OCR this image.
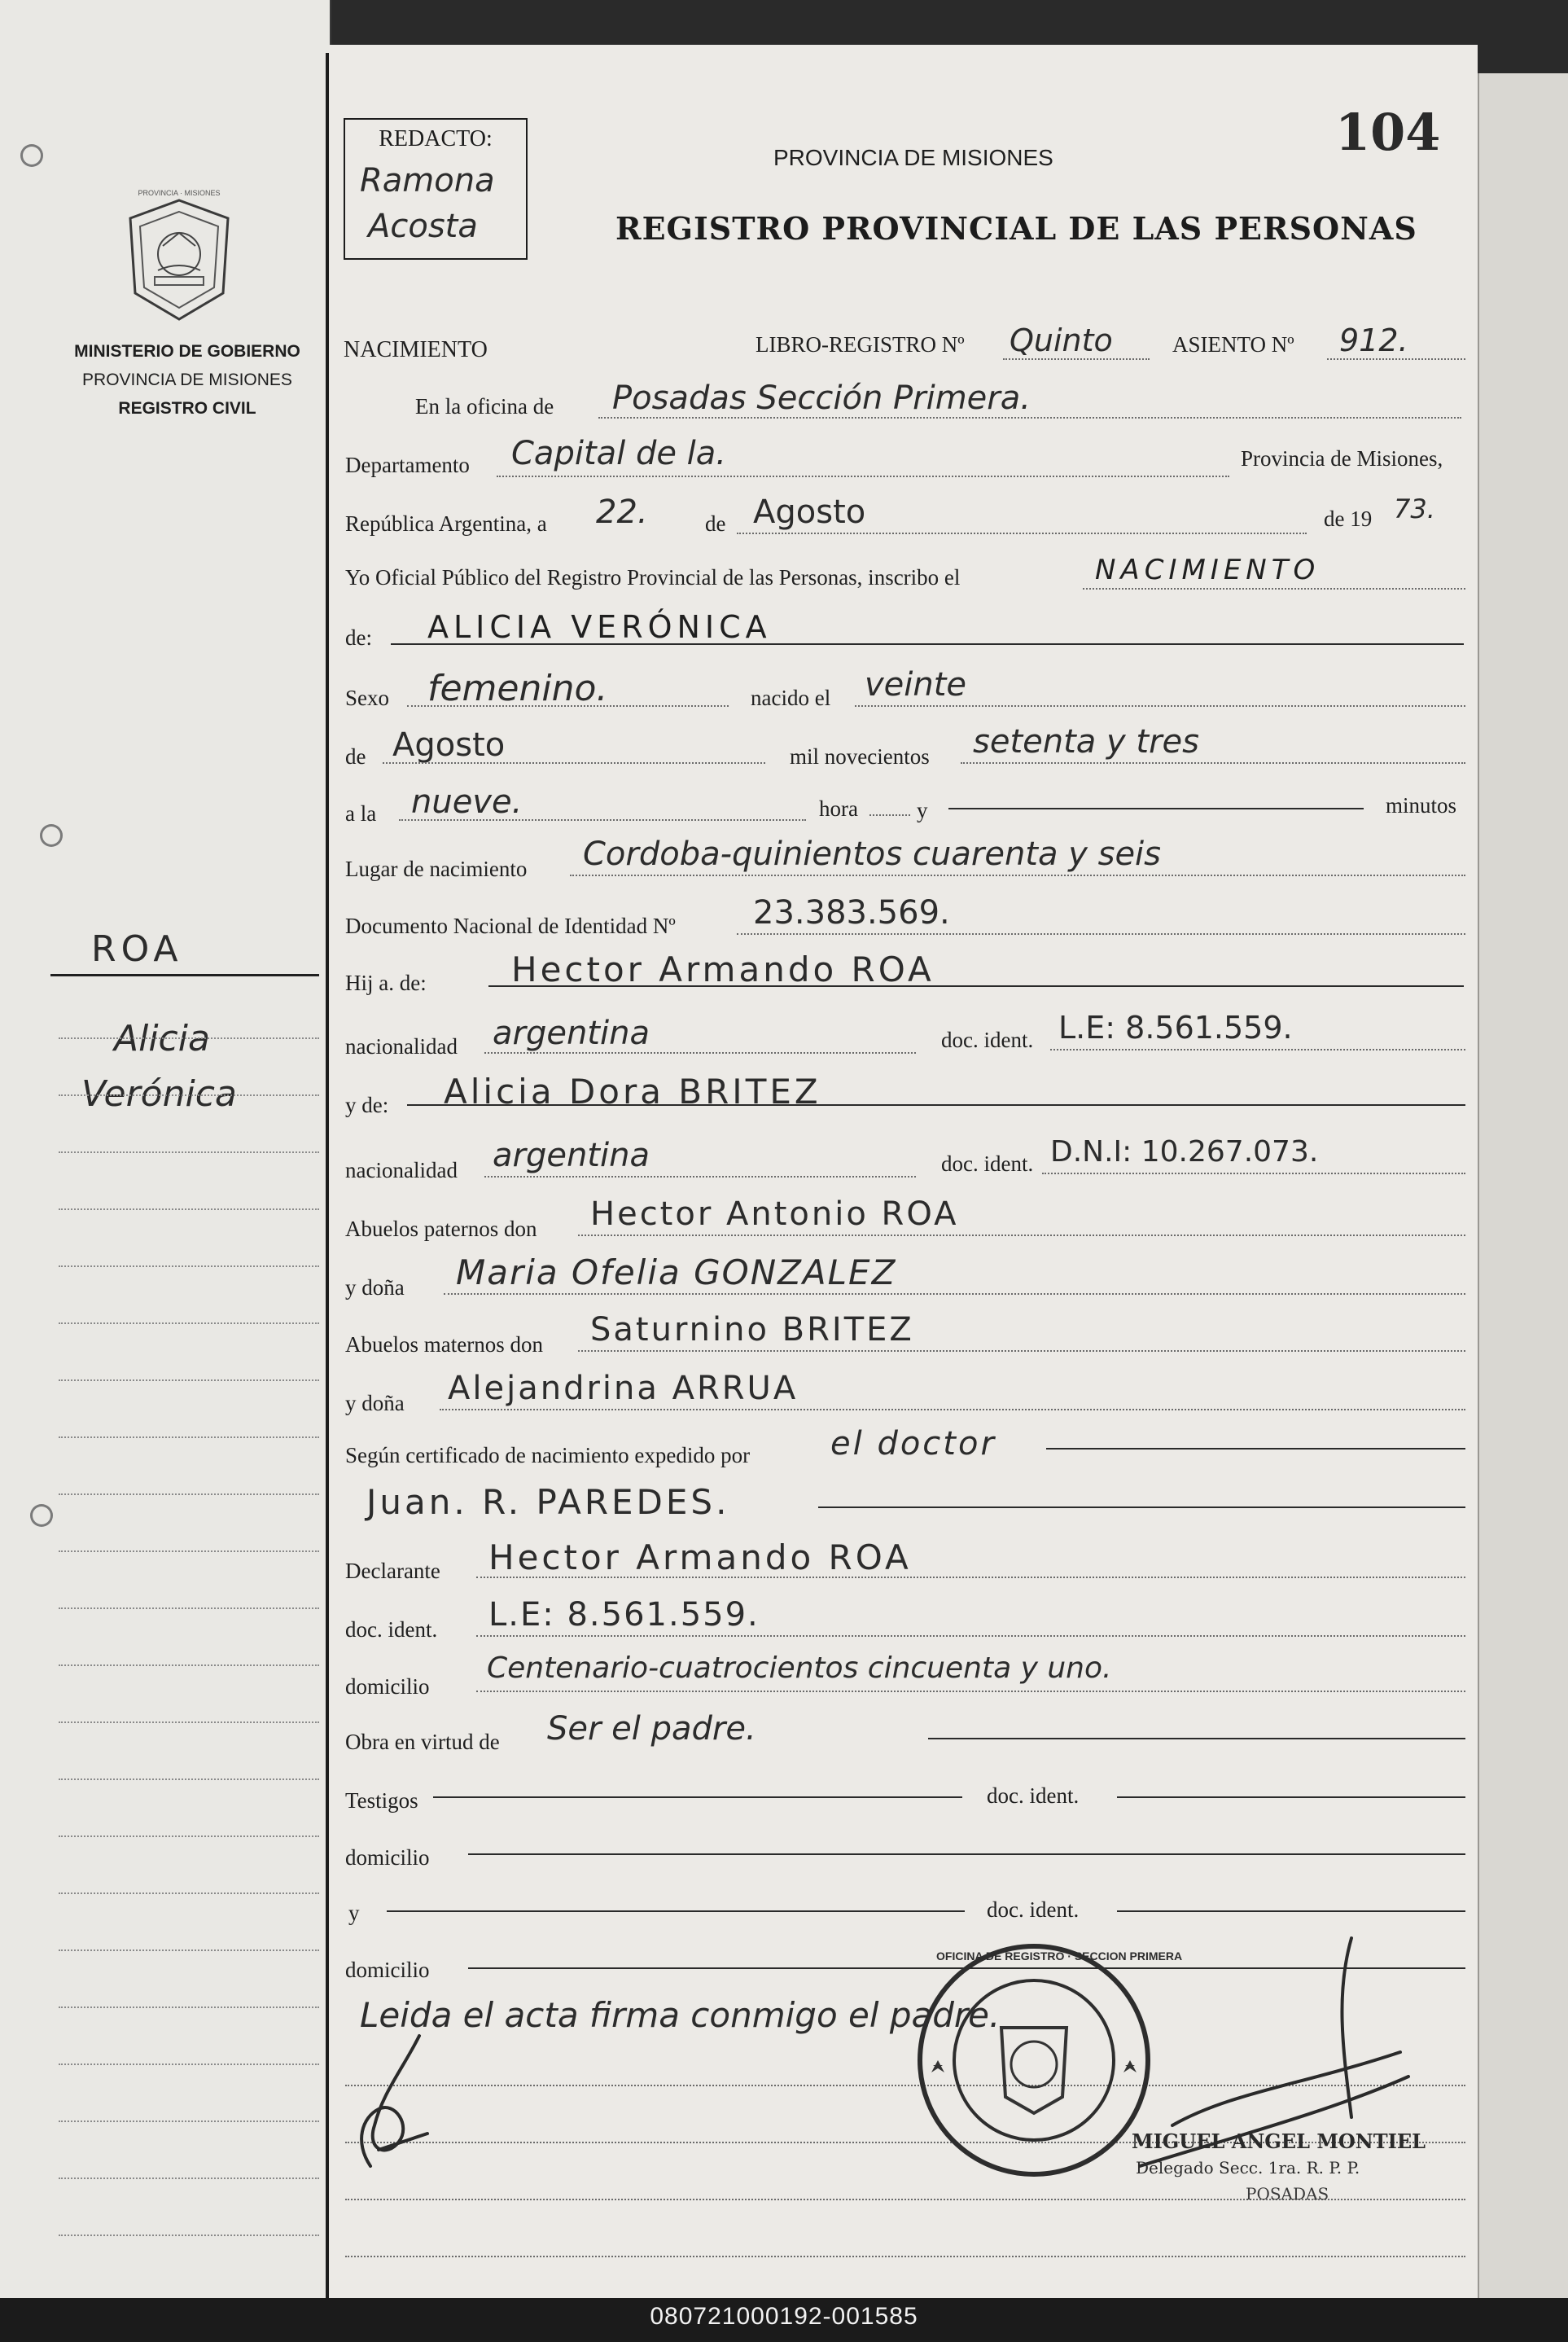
080721000192-001585
PROVINCIA · MISIONES
MINISTERIO DE GOBIERNO
PROVINCIA DE MISIONES
REGISTRO CIVIL
ROA
Alicia
Verónica
REDACTO:
Ramona
Acosta
PROVINCIA DE MISIONES
REGISTRO PROVINCIAL DE LAS PERSONAS
104
NACIMIENTO	LIBRO-REGISTRO Nº Quinto	ASIENTO Nº 912.
En la oficina de Posadas Sección Primera.
Departamento Capital de la.	Provincia de Misiones,
República Argentina, a 22.	de Agosto	de 19 73.
Yo Oficial Público del Registro Provincial de las Personas, inscribo el	NACIMIENTO
de: ALICIA VERÓNICA
Sexo femenino.	nacido el veinte
de Agosto	mil novecientos setenta y tres
a la nueve.	hora	y	minutos
Lugar de nacimiento Cordoba-quinientos cuarenta y seis
Documento Nacional de Identidad Nº 23.383.569.
Hij a. de: Hector Armando ROA
nacionalidad argentina	doc. ident. L.E: 8.561.559.
y de: Alicia Dora BRITEZ
nacionalidad argentina	doc. ident. D.N.I: 10.267.073.
Abuelos paternos don Hector Antonio ROA
y doña Maria Ofelia GONZALEZ
Abuelos maternos don Saturnino BRITEZ
y doña Alejandrina ARRUA
Según certificado de nacimiento expedido por el doctor
Juan. R. PAREDES.
Declarante Hector Armando ROA
doc. ident. L.E: 8.561.559.
domicilio
Centenario-cuatrocientos cincuenta y uno.
Obra en virtud de Ser el padre.
Testigos	doc. ident.
domicilio
y	doc. ident.
domicilio
Leida el acta firma conmigo el padre.
OFICINA DE REGISTRO · SECCION PRIMERA
MIGUEL ANGEL MONTIEL
Delegado Secc. 1ra. R. P. P.
POSADAS
